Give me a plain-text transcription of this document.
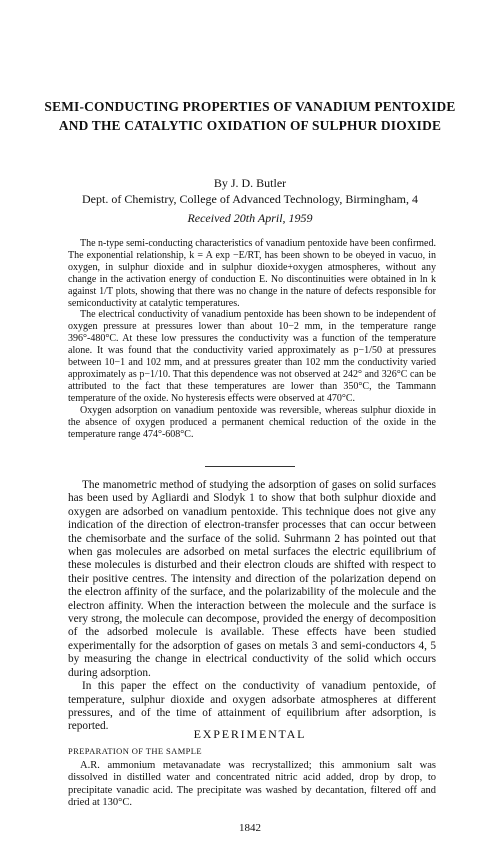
SEMI-CONDUCTING PROPERTIES OF VANADIUM PENTOXIDE AND THE CATALYTIC OXIDATION OF SULPHUR DIOXIDE
By J. D. Butler
Dept. of Chemistry, College of Advanced Technology, Birmingham, 4
Received 20th April, 1959

The n-type semi-conducting characteristics of vanadium pentoxide have been confirmed. The exponential relationship, k = A exp −E/RT, has been shown to be obeyed in vacuo, in oxygen, in sulphur dioxide and in sulphur dioxide+oxygen atmospheres, without any change in the activation energy of conduction E. No discontinuities were obtained in ln k against 1/T plots, showing that there was no change in the nature of defects responsible for semiconductivity at catalytic temperatures.

The electrical conductivity of vanadium pentoxide has been shown to be independent of oxygen pressure at pressures lower than about 10−2 mm, in the temperature range 396°-480°C. At these low pressures the conductivity was a function of the temperature alone. It was found that the conductivity varied approximately as p−1/50 at pressures between 10−1 and 102 mm, and at pressures greater than 102 mm the conductivity varied approximately as p−1/10. That this dependence was not observed at 242° and 326°C can be attributed to the fact that these temperatures are lower than 350°C, the Tammann temperature of the oxide. No hysteresis effects were observed at 470°C.

Oxygen adsorption on vanadium pentoxide was reversible, whereas sulphur dioxide in the absence of oxygen produced a permanent chemical reduction of the oxide in the temperature range 474°-608°C.

The manometric method of studying the adsorption of gases on solid surfaces has been used by Agliardi and Slodyk 1 to show that both sulphur dioxide and oxygen are adsorbed on vanadium pentoxide. This technique does not give any indication of the direction of electron-transfer processes that can occur between the chemisorbate and the surface of the solid. Suhrmann 2 has pointed out that when gas molecules are adsorbed on metal surfaces the electric equilibrium of these molecules is disturbed and their electron clouds are shifted with respect to their positive centres. The intensity and direction of the polarization depend on the electron affinity of the surface, and the polarizability of the molecule and the electron affinity. When the interaction between the molecule and the surface is very strong, the molecule can decompose, provided the energy of decomposition of the adsorbed molecule is available. These effects have been studied experimentally for the adsorption of gases on metals 3 and semi-conductors 4, 5 by measuring the change in electrical conductivity of the solid which occurs during adsorption.

In this paper the effect on the conductivity of vanadium pentoxide, of temperature, sulphur dioxide and oxygen adsorbate atmospheres at different pressures, and of the time of attainment of equilibrium after adsorption, is reported.

EXPERIMENTAL
PREPARATION OF THE SAMPLE

A.R. ammonium metavanadate was recrystallized; this ammonium salt was dissolved in distilled water and concentrated nitric acid added, drop by drop, to precipitate vanadic acid. The precipitate was washed by decantation, filtered off and dried at 130°C.

1842
